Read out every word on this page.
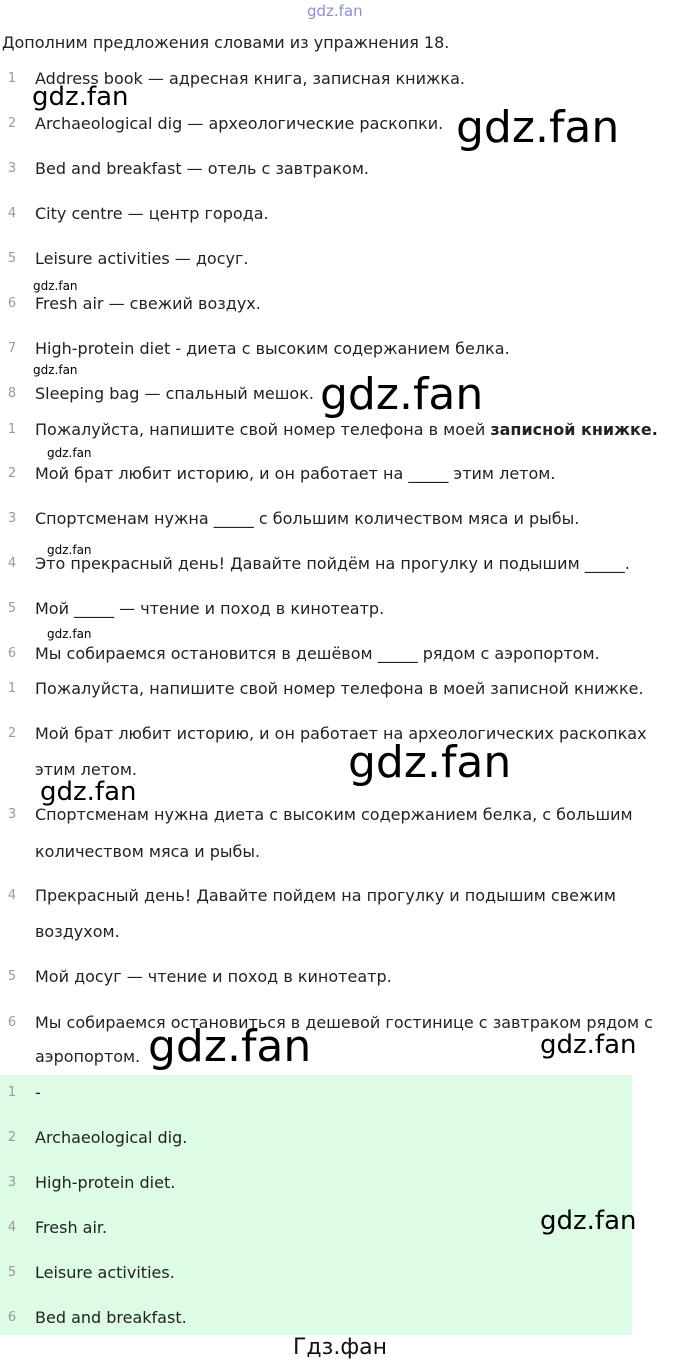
gdz.fan
Дополним предложения словами из упражнения 18.
1	Address book — адресная книга, записная книжка.
2	Archaeological dig — археологические раскопки.
3	Bed and breakfast — отель с завтраком.
4	City centre — центр города.
5	Leisure activities — досуг.
6	Fresh air — свежий воздух.
7	High-protein diet - диета с высоким содержанием белка.
8	Sleeping bag — спальный мешок.
1	Пожалуйста, напишите свой номер телефона в моей записной книжке.
2	Мой брат любит историю, и он работает на _____ этим летом.
3	Спортсменам нужна _____ с большим количеством мяса и рыбы.
4	Это прекрасный день! Давайте пойдём на прогулку и подышим _____.
5	Мой _____ — чтение и поход в кинотеатр.
6	Мы собираемся остановится в дешёвом _____ рядом с аэропортом.
1	Пожалуйста, напишите свой номер телефона в моей записной книжке.
2	Мой брат любит историю, и он работает на археологических раскопках
этим летом.
3	Спортсменам нужна диета с высоким содержанием белка, с большим
количеством мяса и рыбы.
4	Прекрасный день! Давайте пойдем на прогулку и подышим свежим
воздухом.
5	Мой досуг — чтение и поход в кинотеатр.
6	Мы собираемся остановиться в дешевой гостинице с завтраком рядом с
аэропортом.
1	-
2	Archaeological dig.
3	High-protein diet.
4	Fresh air.
5	Leisure activities.
6	Bed and breakfast.
gdz.fan
gdz.fan
gdz.fan
gdz.fan	gdz.fan
gdz.fan
gdz.fan
gdz.fan
gdz.fan
gdz.fan
gdz.fan	gdz.fan
gdz.fan
Гдз.фан
